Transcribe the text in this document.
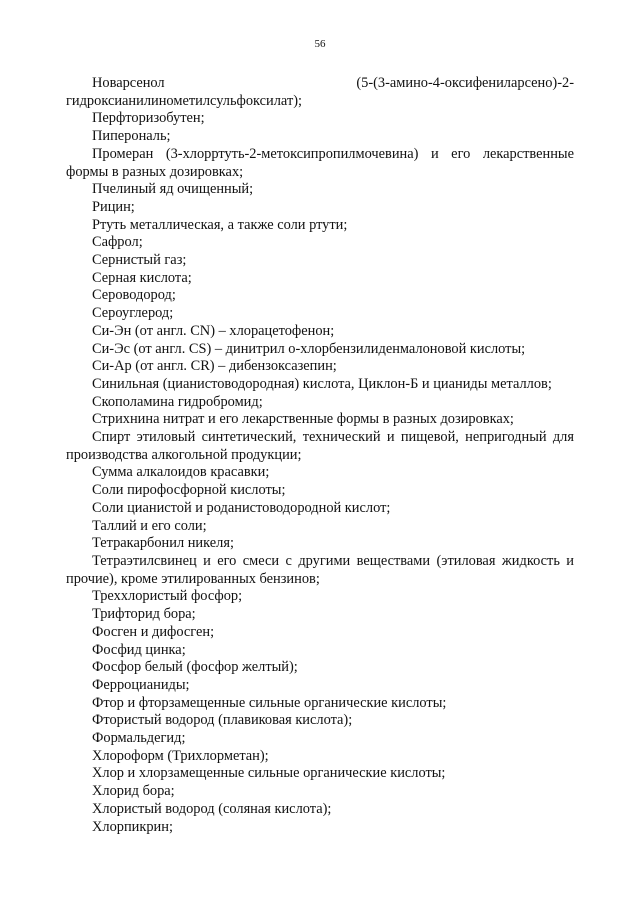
56
Новарсенол	(5-(3-амино-4-оксифениларсено)-2-
гидроксианилинометилсульфоксилат);
Перфторизобутен;
Пиперональ;
Промеран (3-хлорртуть-2-метоксипропилмочевина) и его лекарственные формы в разных дозировках;
Пчелиный яд очищенный;
Рицин;
Ртуть металлическая, а также соли ртути;
Сафрол;
Сернистый газ;
Серная кислота;
Сероводород;
Сероуглерод;
Си-Эн (от англ. CN) – хлорацетофенон;
Си-Эс (от англ. CS) – динитрил о-хлорбензилиденмалоновой кислоты;
Си-Ар (от англ. CR) – дибензоксазепин;
Синильная (цианистоводородная) кислота, Циклон-Б и цианиды металлов;
Скополамина гидробромид;
Стрихнина нитрат и его лекарственные формы в разных дозировках;
Спирт этиловый синтетический, технический и пищевой, непригодный для производства алкогольной продукции;
Сумма алкалоидов красавки;
Соли пирофосфорной кислоты;
Соли цианистой и роданистоводородной кислот;
Таллий и его соли;
Тетракарбонил никеля;
Тетраэтилсвинец и его смеси с другими веществами (этиловая жидкость и прочие), кроме этилированных бензинов;
Треххлористый фосфор;
Трифторид бора;
Фосген и дифосген;
Фосфид цинка;
Фосфор белый (фосфор желтый);
Ферроцианиды;
Фтор и фторзамещенные сильные органические кислоты;
Фтористый водород (плавиковая кислота);
Формальдегид;
Хлороформ (Трихлорметан);
Хлор и хлорзамещенные сильные органические кислоты;
Хлорид бора;
Хлористый водород (соляная кислота);
Хлорпикрин;
